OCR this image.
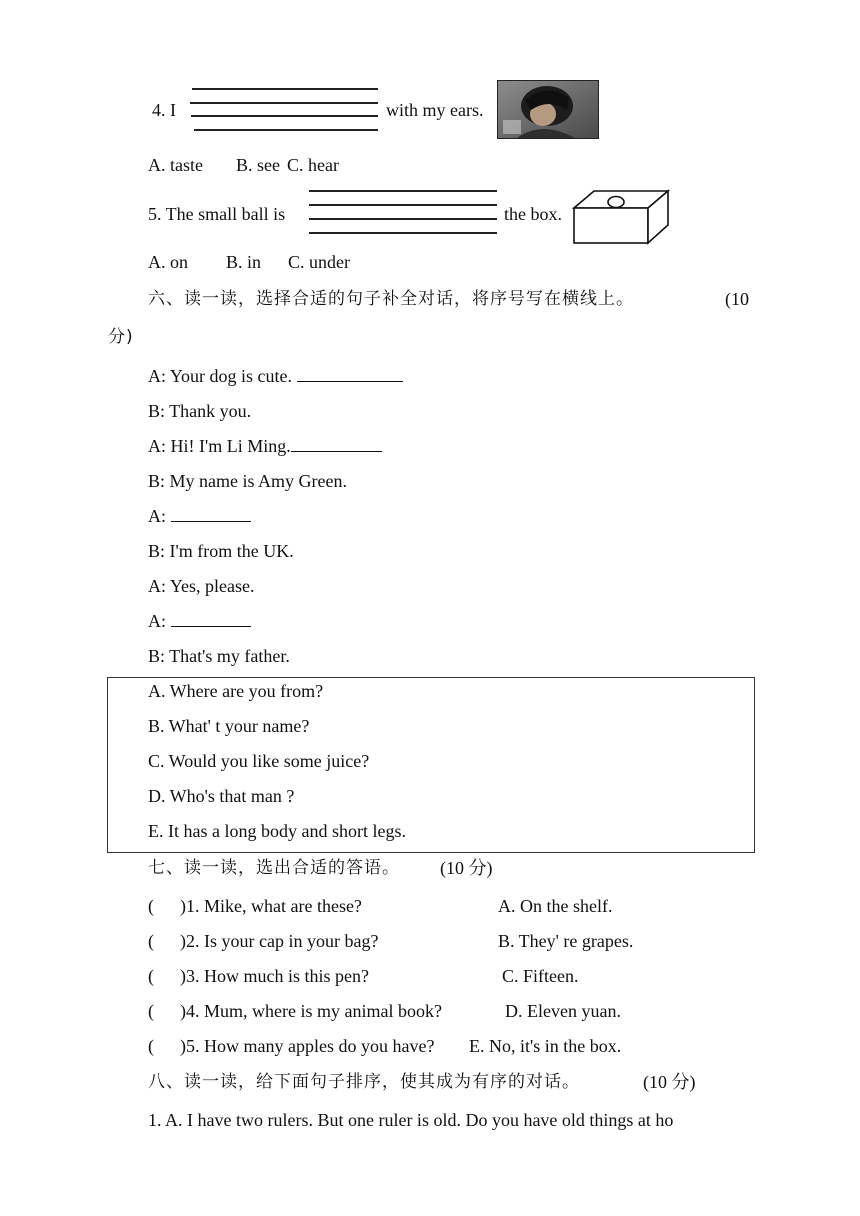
4. I	with my ears.
A. taste B. see C. hear
5. The small ball is	the box.
A. on B. in C. under
六、读一读，选择合适的句子补全对话，将序号写在横线上。	(10
分)
A: Your dog is cute.
B: Thank you.
A: Hi! I'm Li Ming.
B: My name is Amy Green.
A:
B: I'm from the UK.
A: Yes, please.
A:
B: That's my father.
A. Where are you from?
B. What' t your name?
C. Would you like some juice?
D. Who's that man ?
E. It has a long body and short legs.
七、读一读，选出合适的答语。 (10 分)
( )1. Mike, what are these?	A. On the shelf.
( )2. Is your cap in your bag?	B. They' re grapes.
( )3. How much is this pen?	C. Fifteen.
( )4. Mum, where is my animal book?	D. Eleven yuan.
( )5. How many apples do you have? E. No, it's in the box.
八、读一读，给下面句子排序，使其成为有序的对话。	(10 分)
1. A. I have two rulers. But one ruler is old. Do you have old things at ho
